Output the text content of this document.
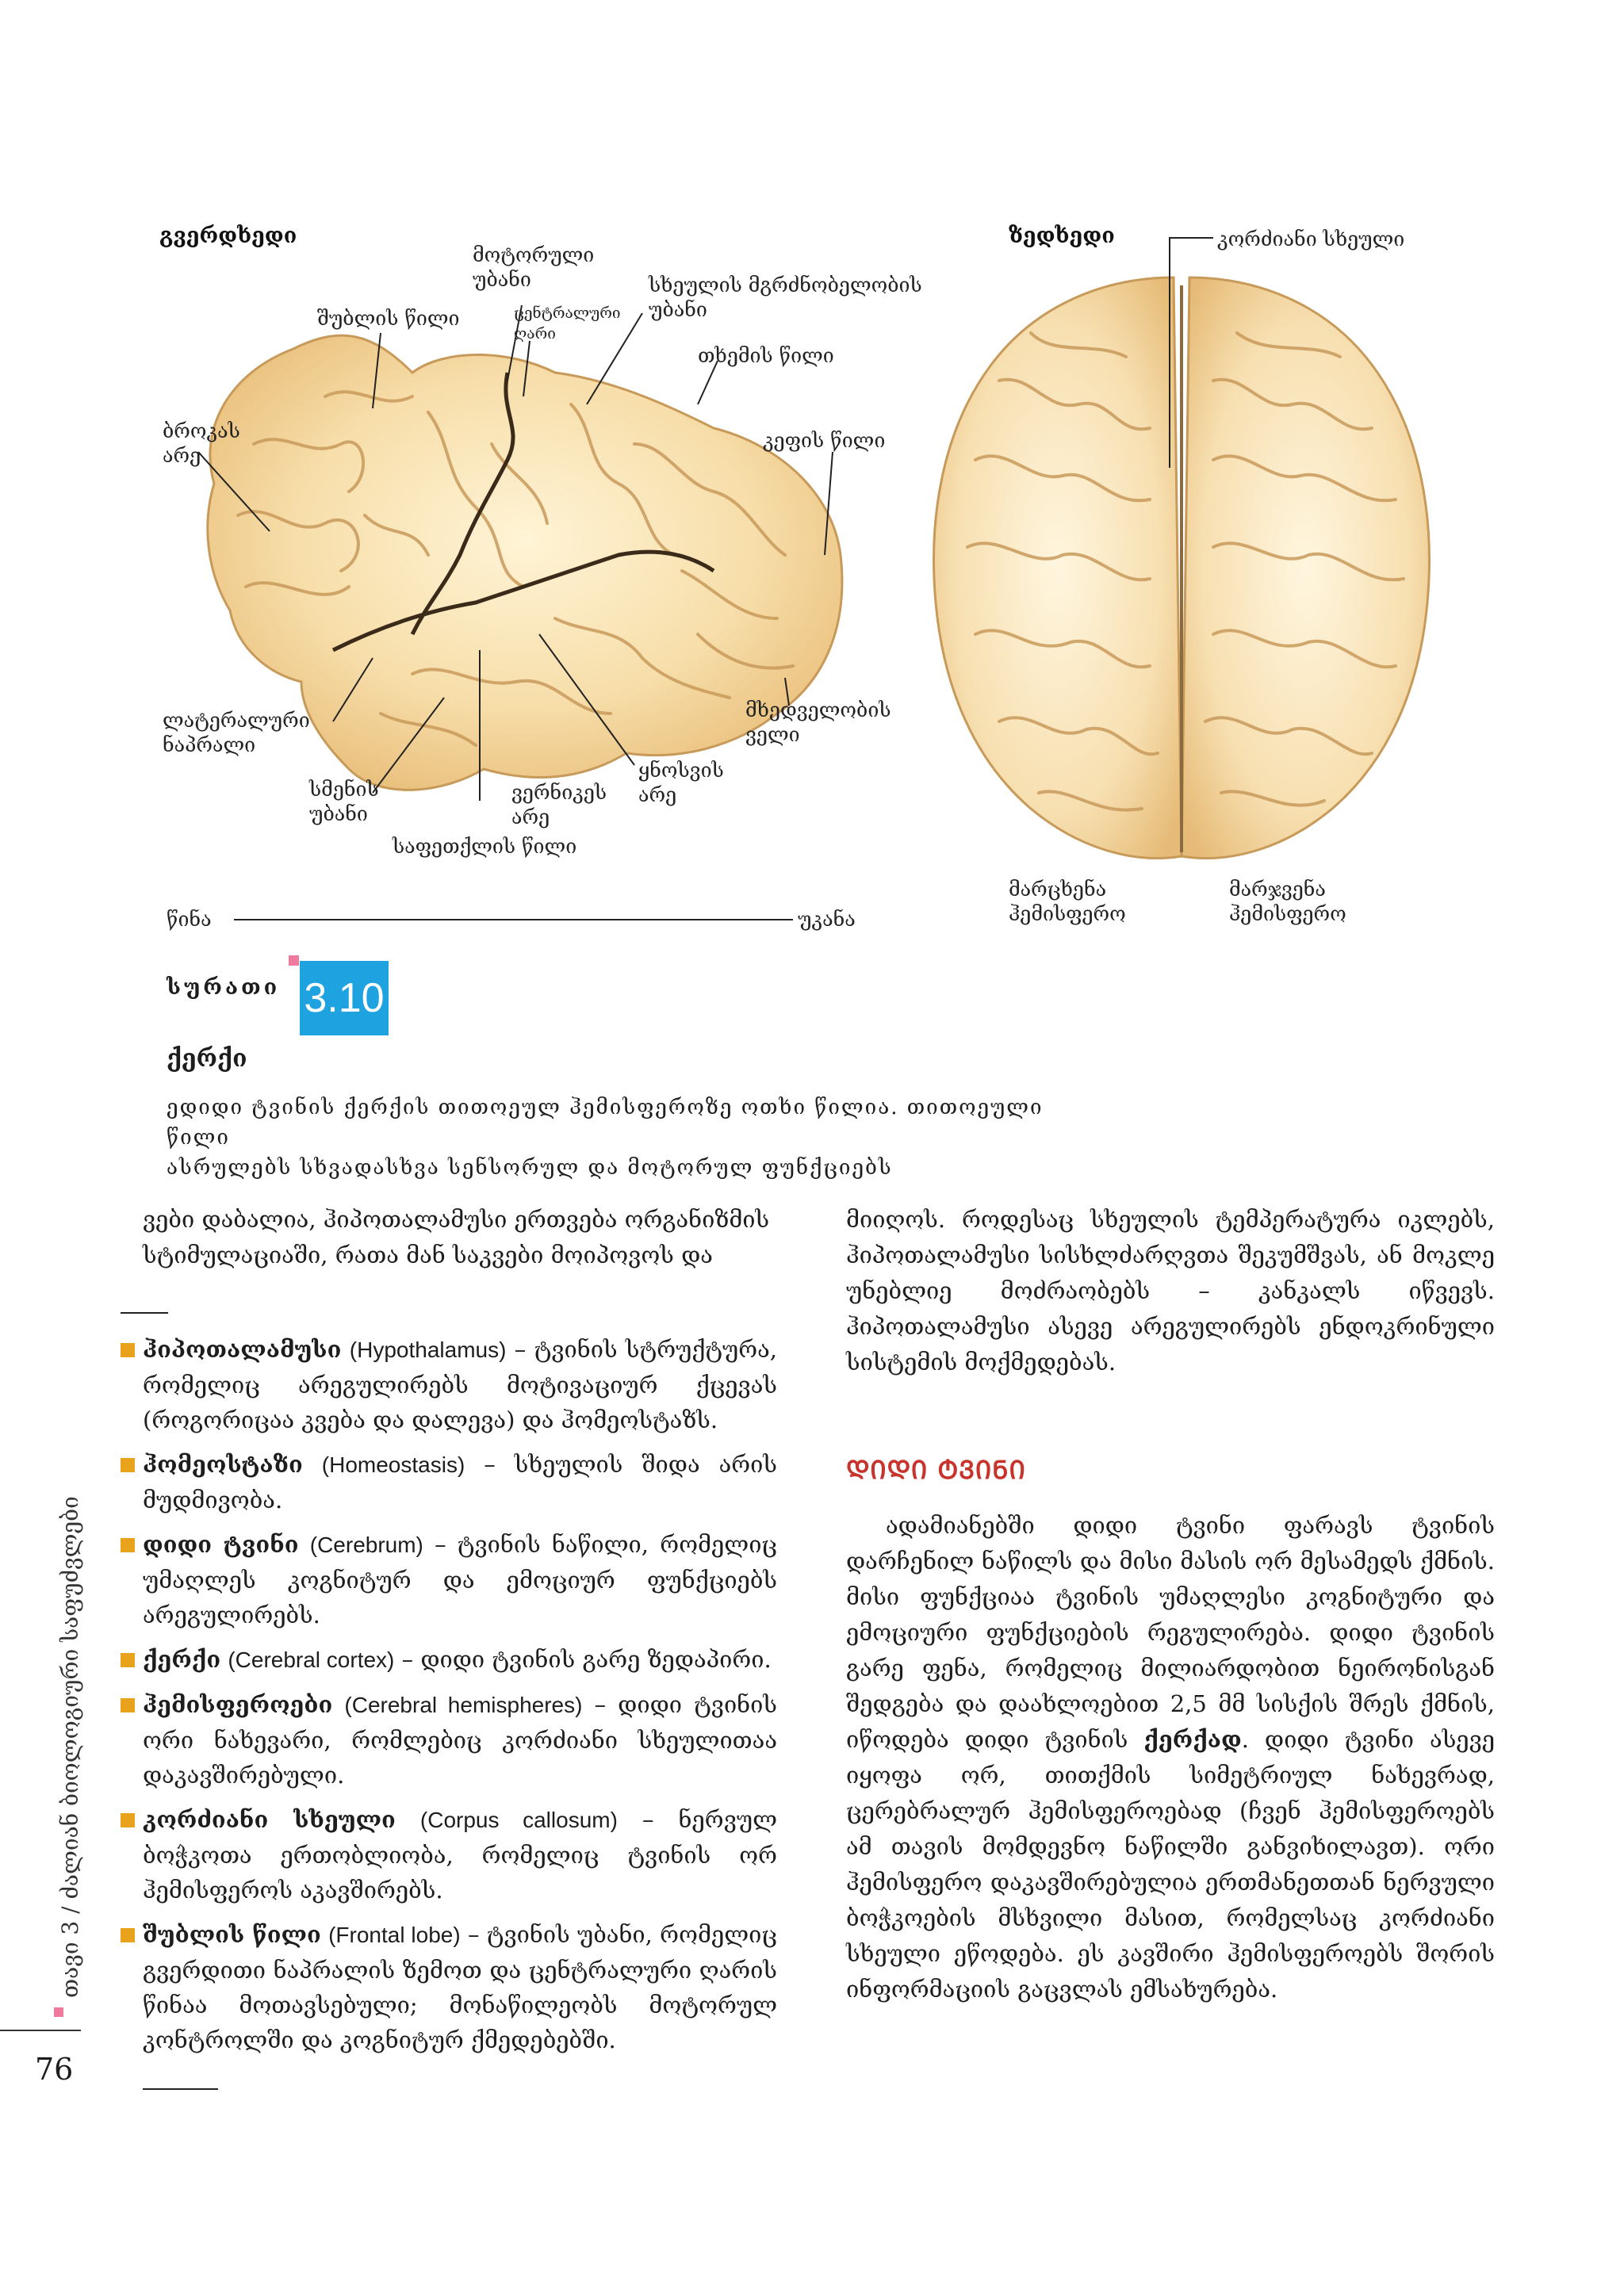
გვერდხედი	ზედხედი
მოტორული
უბანი	სხეულის მგრძნობელობის
უბანი
შუბლის წილი	ცენტრალური
ღარი
თხემის წილი
ბროკას
არე
კეფის წილი
ლატერალური
ნაპრალი
მხედველობის
ველი
ყნოსვის
არე
სმენის
უბანი
ვერნიკეს
არე
საფეთქლის წილი
წინა	უკანა
კორძიანი სხეული
მარცხენა
ჰემისფერო
მარჯვენა
ჰემისფერო
სურათი 3.10
ქერქი
ედიდი ტვინის ქერქის თითოეულ ჰემისფეროზე ოთხი წილია. თითოეული წილი
ასრულებს სხვადასხვა სენსორულ და მოტორულ ფუნქციებს
ვები დაბალია, ჰიპოთალამუსი ერთვება ორგანიზმის
სტიმულაციაში, რათა მან საკვები მოიპოვოს და

ჰიპოთალამუსი (Hypothalamus) – ტვინის სტრუქტურა, რომელიც არეგულირებს მოტივაციურ ქცევას (როგორიცაა კვება და დალევა) და ჰომეოსტაზს.

ჰომეოსტაზი (Homeostasis) – სხეულის შიდა არის მუდმივობა.

დიდი ტვინი (Cerebrum) – ტვინის ნაწილი, რომელიც უმაღლეს კოგნიტურ და ემოციურ ფუნქციებს არეგულირებს.

ქერქი (Cerebral cortex) – დიდი ტვინის გარე ზედაპირი.

ჰემისფეროები (Cerebral hemispheres) – დიდი ტვინის ორი ნახევარი, რომლებიც კორძიანი სხეულითაა დაკავშირებული.

კორძიანი სხეული (Corpus callosum) – ნერვულ ბოჭკოთა ერთობლიობა, რომელიც ტვინის ორ ჰემისფეროს აკავშირებს.

შუბლის წილი (Frontal lobe) – ტვინის უბანი, რომელიც გვერდითი ნაპრალის ზემოთ და ცენტრალური ღარის წინაა მოთავსებული; მონაწილეობს მოტორულ კონტროლში და კოგნიტურ ქმედებებში.

მიიღოს. როდესაც სხეულის ტემპერატურა იკლებს, ჰიპოთალამუსი სისხლძარღვთა შეკუმშვას, ან მოკლე უნებლიე მოძრაობებს – კანკალს იწვევს. ჰიპოთალამუსი ასევე არეგულირებს ენდოკრინული სისტემის მოქმედებას.
ᲓᲘᲓᲘ ᲢᲕᲘᲜᲘ
ადამიანებში დიდი ტვინი ფარავს ტვინის დარჩენილ ნაწილს და მისი მასის ორ მესამედს ქმნის. მისი ფუნქციაა ტვინის უმაღლესი კოგნიტური და ემოციური ფუნქციების რეგულირება. დიდი ტვინის გარე ფენა, რომელიც მილიარდობით ნეირონისგან შედგება და დაახლოებით 2,5 მმ სისქის შრეს ქმნის, იწოდება დიდი ტვინის ქერქად. დიდი ტვინი ასევე იყოფა ორ, თითქმის სიმეტრიულ ნახევრად, ცერებრალურ ჰემისფეროებად (ჩვენ ჰემისფეროებს ამ თავის მომდევნო ნაწილში განვიხილავთ). ორი ჰემისფერო დაკავშირებულია ერთმანეთთან ნერვული ბოჭკოების მსხვილი მასით, რომელსაც კორძიანი სხეული ეწოდება. ეს კავშირი ჰემისფეროებს შორის ინფორმაციის გაცვლას ემსახურება.
თავი 3 / ძალიან ბიოლოგიური საფუძვლები
76
